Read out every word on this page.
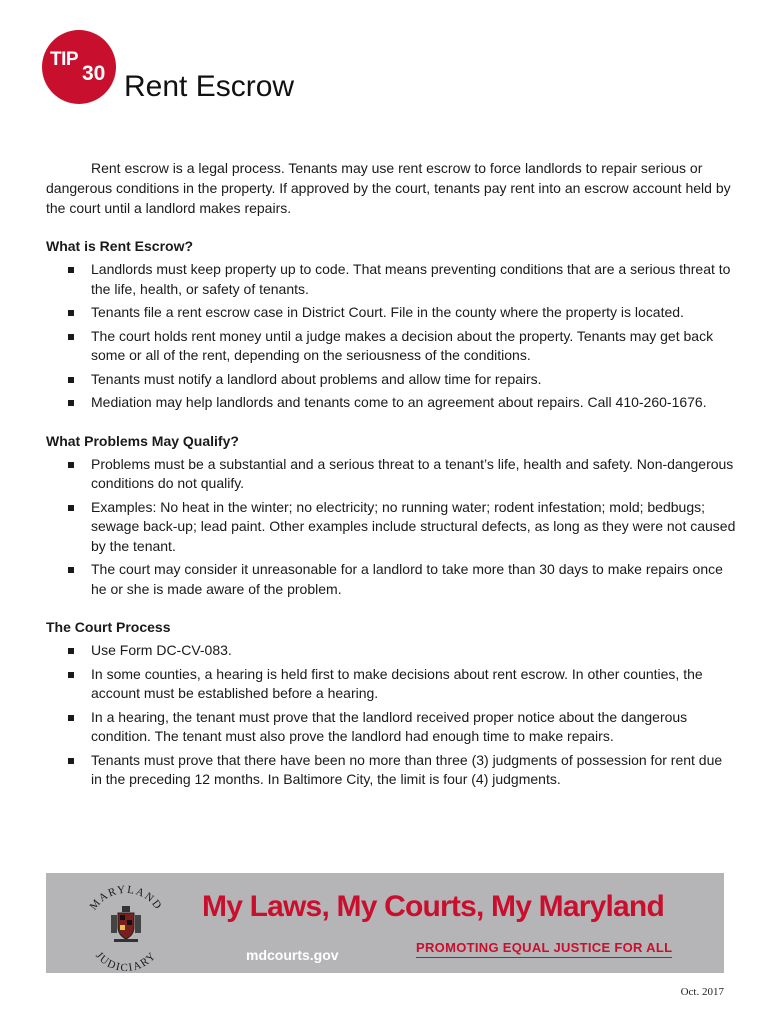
TIP
30 Rent Escrow

Rent escrow is a legal process. Tenants may use rent escrow to force landlords to repair serious or dangerous conditions in the property. If approved by the court, tenants pay rent into an escrow account held by the court until a landlord makes repairs.

What is Rent Escrow?
Landlords must keep property up to code. That means preventing conditions that are a serious threat to the life, health, or safety of tenants.
Tenants file a rent escrow case in District Court. File in the county where the property is located.
The court holds rent money until a judge makes a decision about the property. Tenants may get back some or all of the rent, depending on the seriousness of the conditions.
Tenants must notify a landlord about problems and allow time for repairs.
Mediation may help landlords and tenants come to an agreement about repairs. Call 410-260-1676.
What Problems May Qualify?
Problems must be a substantial and a serious threat to a tenant’s life, health and safety. Non-dangerous conditions do not qualify.
Examples: No heat in the winter; no electricity; no running water; rodent infestation; mold; bedbugs; sewage back-up; lead paint. Other examples include structural defects, as long as they were not caused by the tenant.
The court may consider it unreasonable for a landlord to take more than 30 days to make repairs once he or she is made aware of the problem.
The Court Process
Use Form DC-CV-083.
In some counties, a hearing is held first to make decisions about rent escrow. In other counties, the account must be established before a hearing.
In a hearing, the tenant must prove that the landlord received proper notice about the dangerous condition. The tenant must also prove the landlord had enough time to make repairs.
Tenants must prove that there have been no more than three (3) judgments of possession for rent due in the preceding 12 months. In Baltimore City, the limit is four (4) judgments.
MARYLAND
JUDICIARY
My Laws, My Courts, My Maryland
mdcourts.gov	PROMOTING EQUAL JUSTICE FOR ALL
Oct. 2017
